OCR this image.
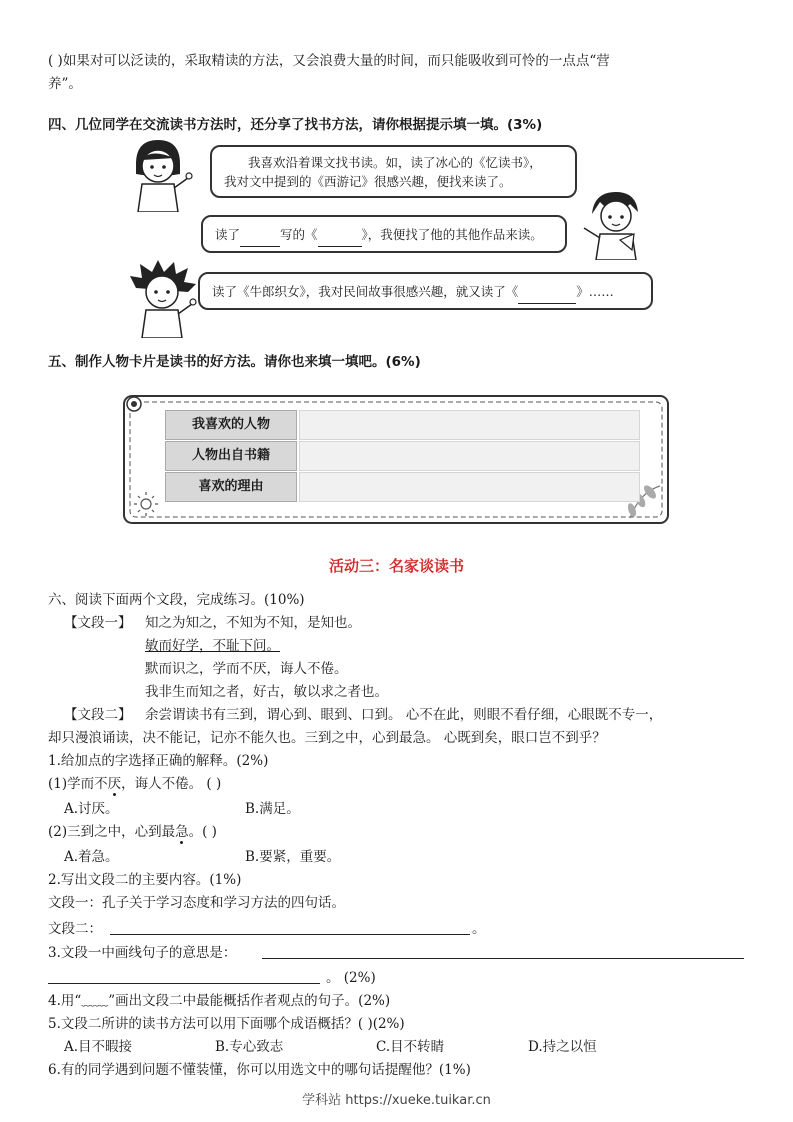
( )如果对可以泛读的，采取精读的方法，又会浪费大量的时间，而只能吸收到可怜的一点点“营
养”。
四、几位同学在交流读书方法时，还分享了找书方法，请你根据提示填一填。(3%)
我喜欢沿着课文找书读。如，读了冰心的《忆读书》，
我对文中提到的《西游记》很感兴趣，便找来读了。
读了	写的《	》，我便找了他的其他作品来读。
读了《牛郎织女》，我对民间故事很感兴趣，就又读了《	》……
五、制作人物卡片是读书的好方法。请你也来填一填吧。(6%)
我喜欢的人物
人物出自书籍
喜欢的理由
活动三：名家谈读书
六、阅读下面两个文段，完成练习。(10%)
【文段一】 知之为知之，不知为不知，是知也。
敏而好学，不耻下问。
默而识之，学而不厌，诲人不倦。
我非生而知之者，好古，敏以求之者也。
【文段二】 余尝谓读书有三到，谓心到、眼到、口到。 心不在此，则眼不看仔细，心眼既不专一，
却只漫浪诵读，决不能记，记亦不能久也。三到之中，心到最急。 心既到矣，眼口岂不到乎？
1.给加点的字选择正确的解释。(2%)
(1)学而不厌，诲人不倦。 ( )
A.讨厌。	B.满足。
(2)三到之中，心到最急。( )
A.着急。	B.要紧，重要。
2.写出文段二的主要内容。(1%)
文段一：孔子关于学习态度和学习方法的四句话。
文段二：	。
3.文段一中画线句子的意思是：
。 (2%)
4.用“﹏﹏”画出文段二中最能概括作者观点的句子。(2%)
5.文段二所讲的读书方法可以用下面哪个成语概括？( )(2%)
A.目不暇接	B.专心致志	C.目不转睛	D.持之以恒
6.有的同学遇到问题不懂装懂，你可以用选文中的哪句话提醒他？(1%)
学科站 https://xueke.tuikar.cn
